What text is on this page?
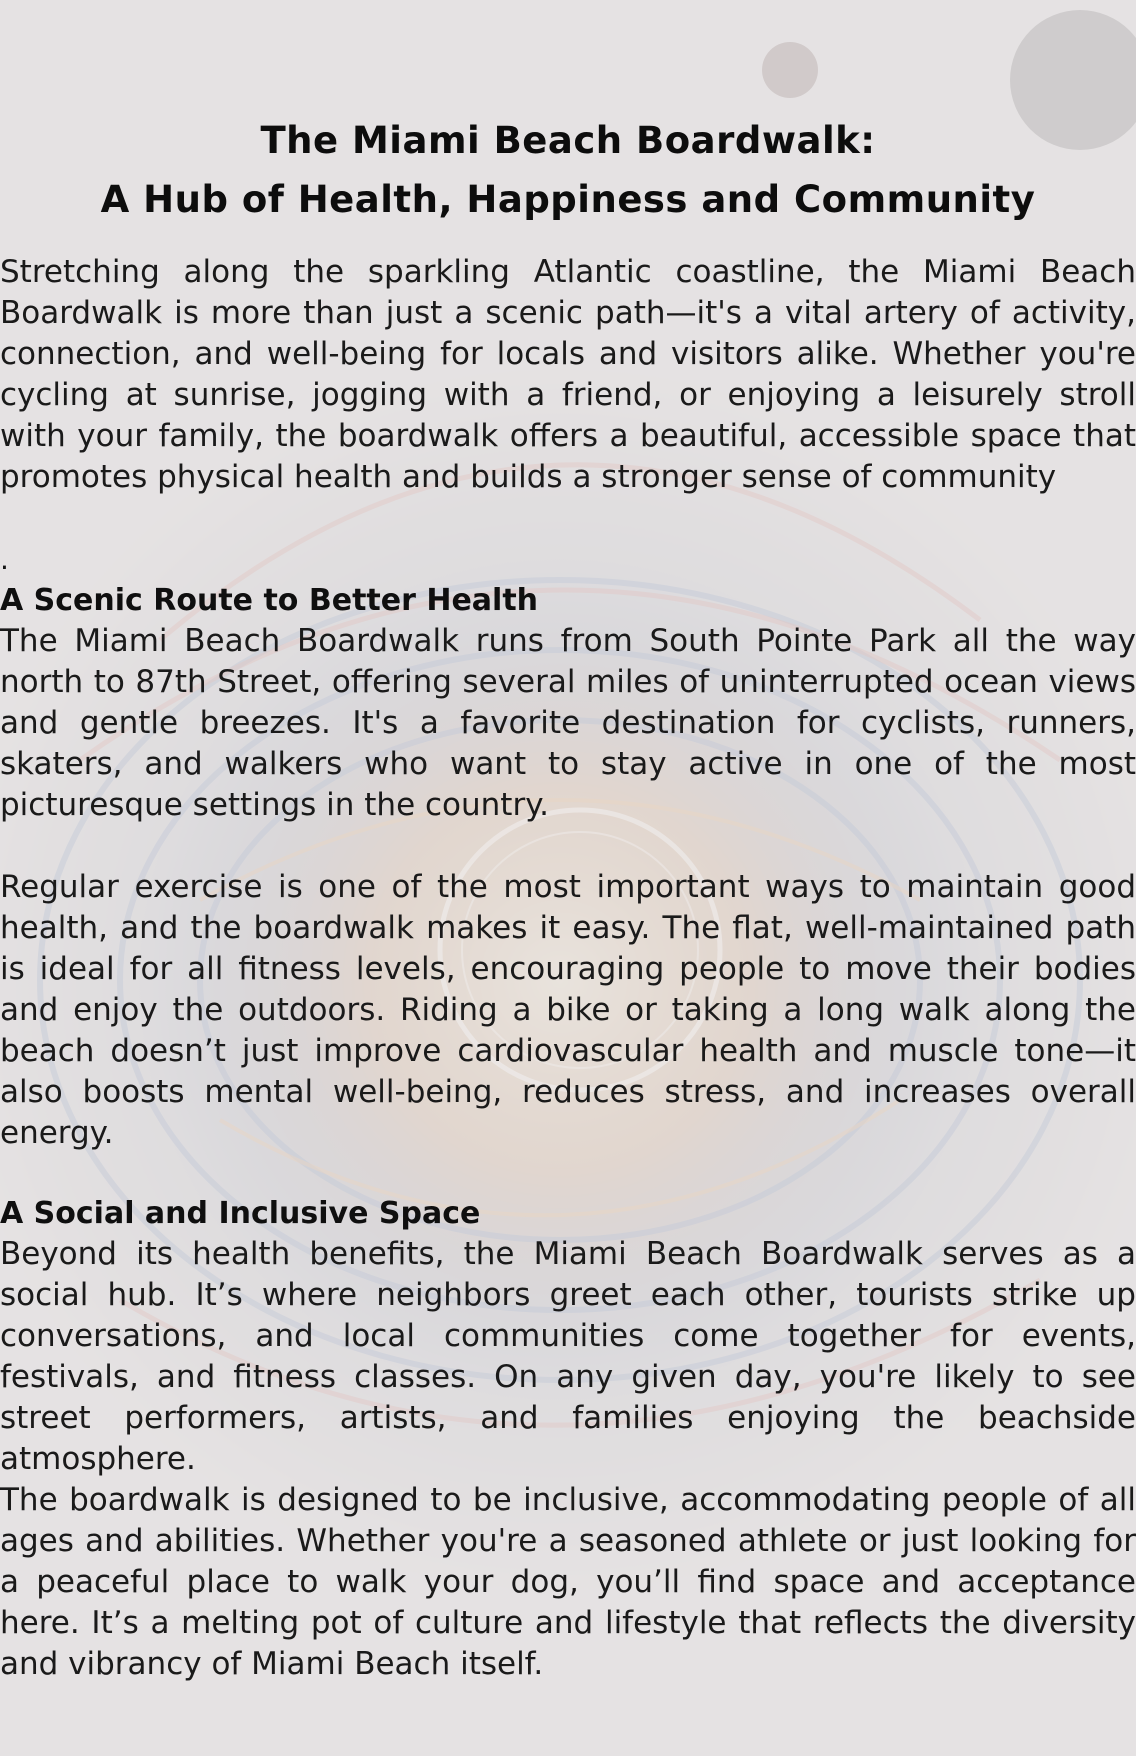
The Miami Beach Boardwalk:
A Hub of Health, Happiness and Community

Stretching along the sparkling Atlantic coastline, the Miami Beach Boardwalk is more than just a scenic path—it's a vital artery of activity, connection, and well-being for locals and visitors alike. Whether you're cycling at sunrise, jogging with a friend, or enjoying a leisurely stroll with your family, the boardwalk offers a beautiful, accessible space that promotes physical health and builds a stronger sense of community

.
A Scenic Route to Better Health

The Miami Beach Boardwalk runs from South Pointe Park all the way north to 87th Street, offering several miles of uninterrupted ocean views and gentle breezes. It's a favorite destination for cyclists, runners, skaters, and walkers who want to stay active in one of the most picturesque settings in the country.

Regular exercise is one of the most important ways to maintain good health, and the boardwalk makes it easy. The flat, well-maintained path is ideal for all fitness levels, encouraging people to move their bodies and enjoy the outdoors. Riding a bike or taking a long walk along the beach doesn’t just improve cardiovascular health and muscle tone—it also boosts mental well-being, reduces stress, and increases overall energy.

A Social and Inclusive Space

Beyond its health benefits, the Miami Beach Boardwalk serves as a social hub. It’s where neighbors greet each other, tourists strike up conversations, and local communities come together for events, festivals, and fitness classes. On any given day, you're likely to see street performers, artists, and families enjoying the beachside atmosphere.

The boardwalk is designed to be inclusive, accommodating people of all ages and abilities. Whether you're a seasoned athlete or just looking for a peaceful place to walk your dog, you’ll find space and acceptance here. It’s a melting pot of culture and lifestyle that reflects the diversity and vibrancy of Miami Beach itself.
